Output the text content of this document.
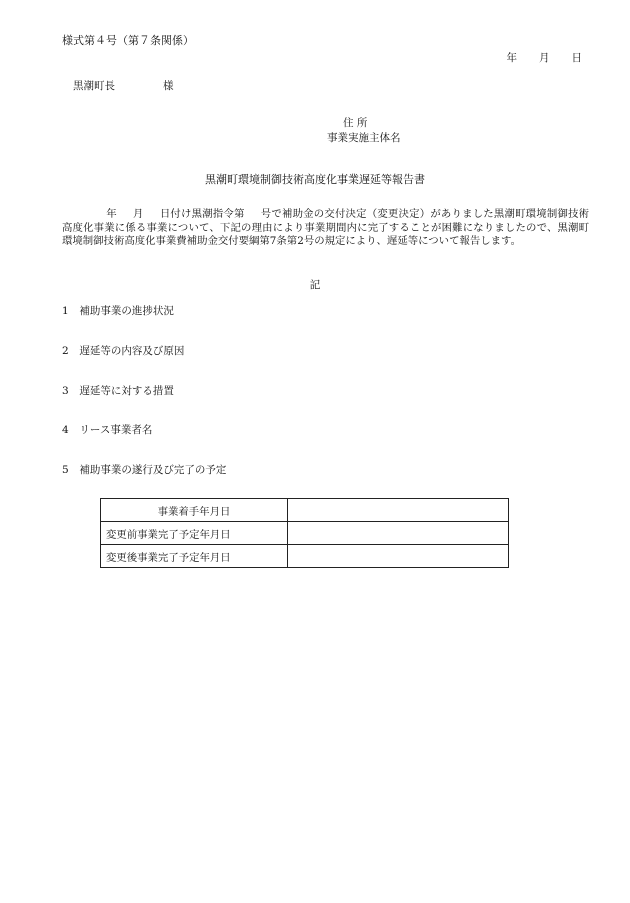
様式第４号（第７条関係）
年 月 日
黒潮町長	様
住 所
事業実施主体名
黒潮町環境制御技術高度化事業遅延等報告書
年 月 日付け黒潮指令第 号で補助金の交付決定（変更決定）がありました黒潮町環境制御技術高度化事業に係る事業について、下記の理由により事業期間内に完了することが困難になりましたので、黒潮町環境制御技術高度化事業費補助金交付要綱第7条第2号の規定により、遅延等について報告します。
記
1 補助事業の進捗状況
2 遅延等の内容及び原因
3 遅延等に対する措置
4 リース事業者名
5 補助事業の遂行及び完了の予定
事業着手年月日	
変更前事業完了予定年月日	
変更後事業完了予定年月日	
